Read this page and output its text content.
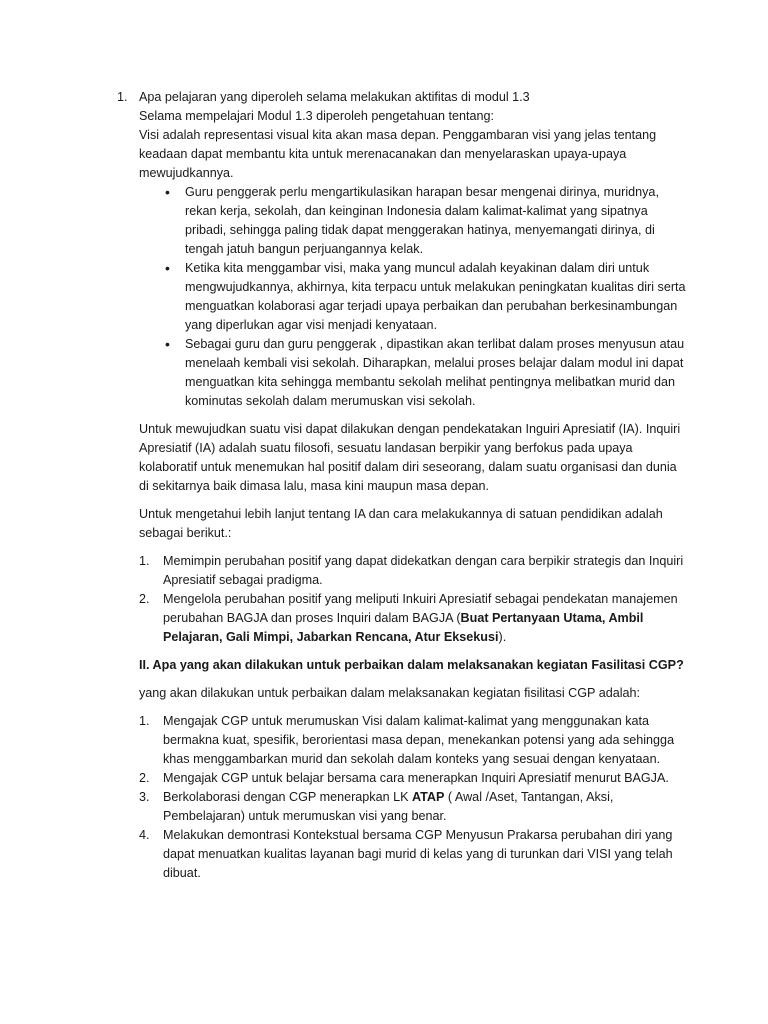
1. Apa pelajaran yang diperoleh selama melakukan aktifitas di modul 1.3
Selama mempelajari Modul 1.3 diperoleh pengetahuan tentang:
Visi adalah representasi visual kita akan masa depan. Penggambaran visi yang jelas tentang keadaan dapat membantu kita untuk merenacanakan dan menyelaraskan upaya-upaya mewujudkannya.
• Guru penggerak perlu mengartikulasikan harapan besar mengenai dirinya, muridnya, rekan kerja, sekolah, dan keinginan Indonesia dalam kalimat-kalimat yang sipatnya pribadi, sehingga paling tidak dapat menggerakan hatinya, menyemangati dirinya, di tengah jatuh bangun perjuangannya kelak.
• Ketika kita menggambar visi, maka yang muncul adalah keyakinan dalam diri untuk mengwujudkannya, akhirnya, kita terpacu untuk melakukan peningkatan kualitas diri serta menguatkan kolaborasi agar terjadi upaya perbaikan dan perubahan berkesinambungan yang diperlukan agar visi menjadi kenyataan.
• Sebagai guru dan guru penggerak , dipastikan akan terlibat dalam proses menyusun atau menelaah kembali visi sekolah. Diharapkan, melalui proses belajar dalam modul ini dapat menguatkan kita sehingga membantu sekolah melihat pentingnya melibatkan murid dan kominutas sekolah dalam merumuskan visi sekolah.
Untuk mewujudkan suatu visi dapat dilakukan dengan pendekatakan Inguiri Apresiatif (IA). Inquiri Apresiatif (IA) adalah suatu filosofi, sesuatu landasan berpikir yang berfokus pada upaya kolaboratif untuk menemukan hal positif dalam diri seseorang, dalam suatu organisasi dan dunia di sekitarnya baik dimasa lalu, masa kini maupun masa depan.
Untuk mengetahui lebih lanjut tentang IA dan cara melakukannya di satuan pendidikan adalah sebagai berikut.:
1.	Memimpin perubahan positif yang dapat didekatkan dengan cara berpikir strategis dan Inquiri Apresiatif sebagai pradigma.
2.	Mengelola perubahan positif yang meliputi Inkuiri Apresiatif sebagai pendekatan manajemen perubahan BAGJA dan proses Inquiri dalam BAGJA (Buat Pertanyaan Utama, Ambil Pelajaran, Gali Mimpi, Jabarkan Rencana, Atur Eksekusi).
II. Apa yang akan dilakukan untuk perbaikan dalam melaksanakan kegiatan Fasilitasi CGP?
yang akan dilakukan untuk perbaikan dalam melaksanakan kegiatan fisilitasi CGP adalah:
1.	Mengajak CGP untuk merumuskan Visi dalam kalimat-kalimat yang menggunakan kata bermakna kuat, spesifik, berorientasi masa depan, menekankan potensi yang ada sehingga khas menggambarkan murid dan sekolah dalam konteks yang sesuai dengan kenyataan.
2.	Mengajak CGP untuk belajar bersama cara menerapkan Inquiri Apresiatif menurut BAGJA.
3.	Berkolaborasi dengan CGP menerapkan LK ATAP ( Awal /Aset, Tantangan, Aksi, Pembelajaran) untuk merumuskan visi yang benar.
4.	Melakukan demontrasi Kontekstual bersama CGP Menyusun Prakarsa perubahan diri yang dapat menuatkan kualitas layanan bagi murid di kelas yang di turunkan dari VISI yang telah dibuat.
